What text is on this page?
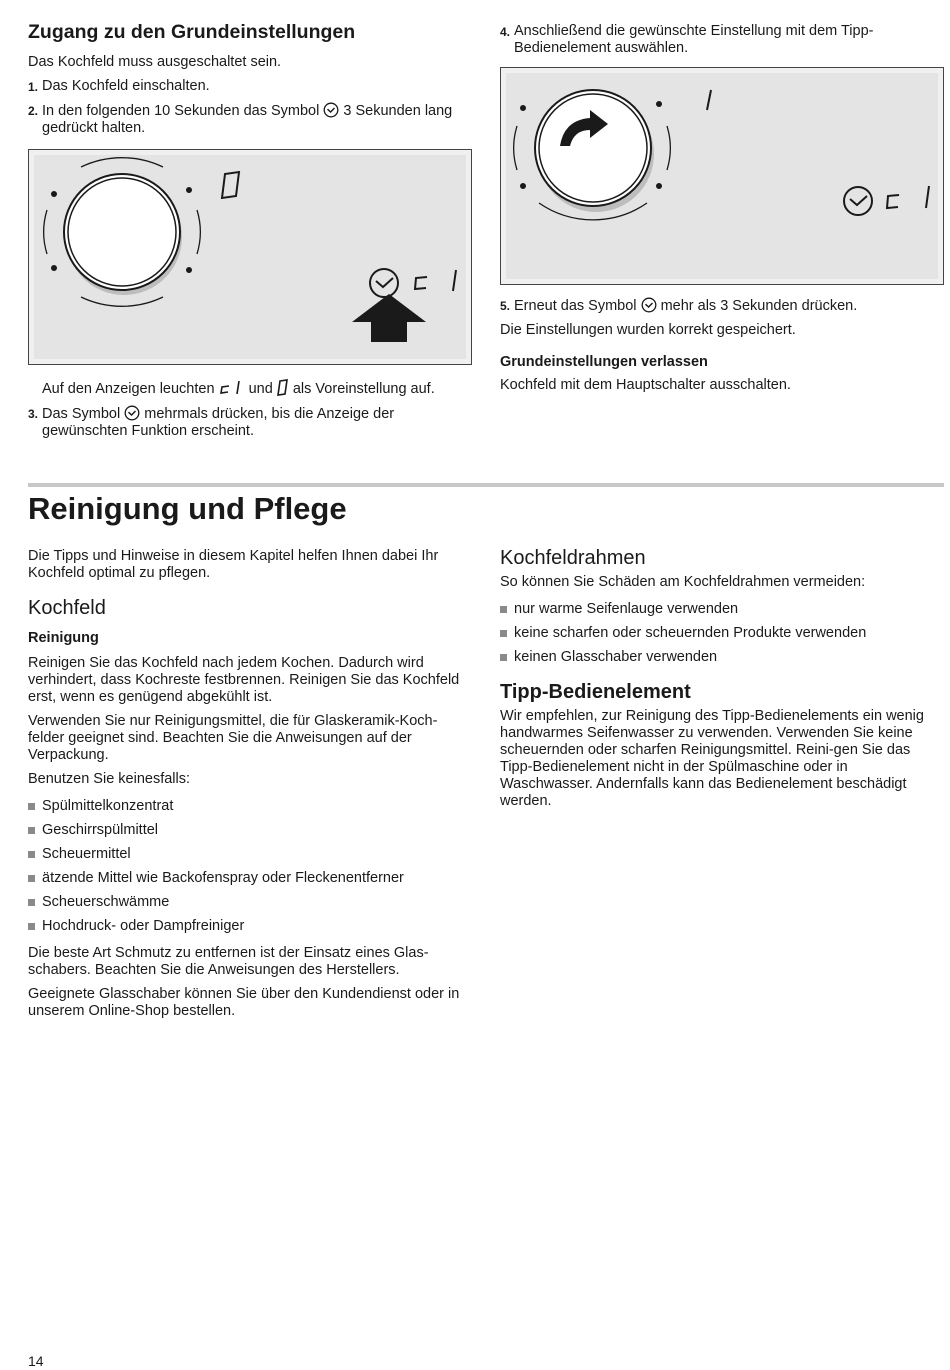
Zugang zu den Grundeinstellungen

Das Kochfeld muss ausgeschaltet sein.

1. Das Kochfeld einschalten.
2. In den folgenden 10 Sekunden das Symbol 3 Sekunden lang gedrückt halten.
Auf den Anzeigen leuchten und als Voreinstellung auf.
3. Das Symbol mehrmals drücken, bis die Anzeige der gewünschten Funktion erscheint.
4. Anschließend die gewünschte Einstellung mit dem Tipp-Bedienelement auswählen.
5. Erneut das Symbol mehr als 3 Sekunden drücken.

Die Einstellungen wurden korrekt gespeichert.

Grundeinstellungen verlassen

Kochfeld mit dem Hauptschalter ausschalten.

Reinigung und Pflege

Die Tipps und Hinweise in diesem Kapitel helfen Ihnen dabei Ihr Kochfeld optimal zu pflegen.

Kochfeld
Reinigung

Reinigen Sie das Kochfeld nach jedem Kochen. Dadurch wird verhindert, dass Kochreste festbrennen. Reinigen Sie das Kochfeld erst, wenn es genügend abgekühlt ist.

Verwenden Sie nur Reinigungsmittel, die für Glaskeramik-Koch-felder geeignet sind. Beachten Sie die Anweisungen auf der Verpackung.

Benutzen Sie keinesfalls:

Spülmittelkonzentrat
Geschirrspülmittel
Scheuermittel
ätzende Mittel wie Backofenspray oder Fleckenentferner
Scheuerschwämme
Hochdruck- oder Dampfreiniger

Die beste Art Schmutz zu entfernen ist der Einsatz eines Glas-schabers. Beachten Sie die Anweisungen des Herstellers.

Geeignete Glasschaber können Sie über den Kundendienst oder in unserem Online-Shop bestellen.

Kochfeldrahmen

So können Sie Schäden am Kochfeldrahmen vermeiden:

nur warme Seifenlauge verwenden
keine scharfen oder scheuernden Produkte verwenden
keinen Glasschaber verwenden
Tipp-Bedienelement

Wir empfehlen, zur Reinigung des Tipp-Bedienelements ein wenig handwarmes Seifenwasser zu verwenden. Verwenden Sie keine scheuernden oder scharfen Reinigungsmittel. Reini-gen Sie das Tipp-Bedienelement nicht in der Spülmaschine oder in Waschwasser. Andernfalls kann das Bedienelement beschädigt werden.

14
